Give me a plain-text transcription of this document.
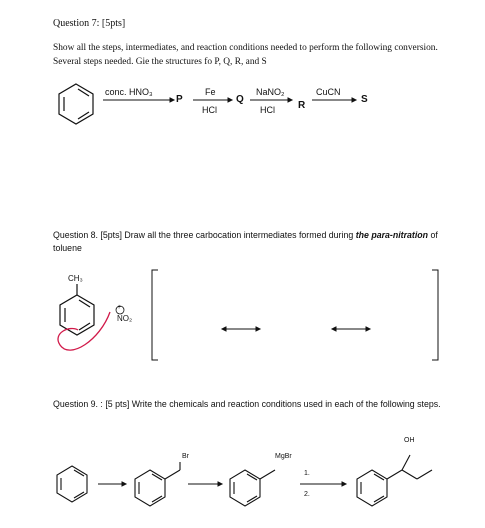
Question 7: [5pts]
Show all the steps, intermediates, and reaction conditions needed to perform the following conversion. Several steps needed. Gie the structures fo P, Q, R, and S
conc. HNO₃
P
Fe
HCl
Q
NaNO₂
HCl R
CuCN
S
Question 8. [5pts] Draw all the three carbocation intermediates formed during the para-nitration of toluene
CH₃
+
NO₂
Question 9. : [5 pts] Write the chemicals and reaction conditions used in each of the following steps.
Br	MgBr
1.
2.
OH
